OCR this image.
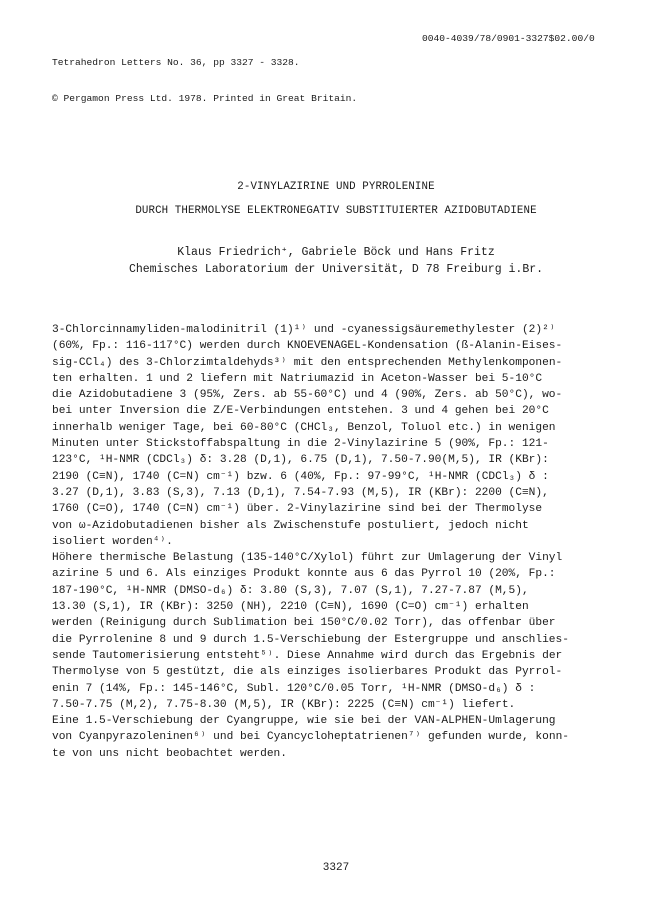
Tetrahedron Letters No. 36, pp 3327 - 3328.

© Pergamon Press Ltd. 1978. Printed in Great Britain.

0040-4039/78/0901-3327$02.00/0
2-VINYLAZIRINE UND PYRROLENINE
DURCH THERMOLYSE ELEKTRONEGATIV SUBSTITUIERTER AZIDOBUTADIENE
Klaus Friedrich⁺, Gabriele Böck und Hans Fritz
Chemisches Laboratorium der Universität, D 78 Freiburg i.Br.
3-Chlorcinnamyliden-malodinitril (1)¹⁾ und -cyanessigsäuremethylester (2)²⁾
(60%, Fp.: 116-117°C) werden durch KNOEVENAGEL-Kondensation (ß-Alanin-Eises-
sig-CCl₄) des 3-Chlorzimtaldehyds³⁾ mit den entsprechenden Methylenkomponen-
ten erhalten. 1 und 2 liefern mit Natriumazid in Aceton-Wasser bei 5-10°C
die Azidobutadiene 3 (95%, Zers. ab 55-60°C) und 4 (90%, Zers. ab 50°C), wo-
bei unter Inversion die Z/E-Verbindungen entstehen. 3 und 4 gehen bei 20°C
innerhalb weniger Tage, bei 60-80°C (CHCl₃, Benzol, Toluol etc.) in wenigen
Minuten unter Stickstoffabspaltung in die 2-Vinylazirine 5 (90%, Fp.: 121-
123°C, ¹H-NMR (CDCl₃) δ: 3.28 (D,1), 6.75 (D,1), 7.50-7.90(M,5), IR (KBr):
2190 (C≡N), 1740 (C=N) cm⁻¹) bzw. 6 (40%, Fp.: 97-99°C, ¹H-NMR (CDCl₃) δ :
3.27 (D,1), 3.83 (S,3), 7.13 (D,1), 7.54-7.93 (M,5), IR (KBr): 2200 (C≡N),
1760 (C=O), 1740 (C=N) cm⁻¹) über. 2-Vinylazirine sind bei der Thermolyse
von ω-Azidobutadienen bisher als Zwischenstufe postuliert, jedoch nicht
isoliert worden⁴⁾.
Höhere thermische Belastung (135-140°C/Xylol) führt zur Umlagerung der Vinyl
azirine 5 und 6. Als einziges Produkt konnte aus 6 das Pyrrol 10 (20%, Fp.:
187-190°C, ¹H-NMR (DMSO-d₆) δ: 3.80 (S,3), 7.07 (S,1), 7.27-7.87 (M,5),
13.30 (S,1), IR (KBr): 3250 (NH), 2210 (C≡N), 1690 (C=O) cm⁻¹) erhalten
werden (Reinigung durch Sublimation bei 150°C/0.02 Torr), das offenbar über
die Pyrrolenine 8 und 9 durch 1.5-Verschiebung der Estergruppe und anschlies-
sende Tautomerisierung entsteht⁵⁾. Diese Annahme wird durch das Ergebnis der
Thermolyse von 5 gestützt, die als einziges isolierbares Produkt das Pyrrol-
enin 7 (14%, Fp.: 145-146°C, Subl. 120°C/0.05 Torr, ¹H-NMR (DMSO-d₆) δ :
7.50-7.75 (M,2), 7.75-8.30 (M,5), IR (KBr): 2225 (C≡N) cm⁻¹) liefert.
Eine 1.5-Verschiebung der Cyangruppe, wie sie bei der VAN-ALPHEN-Umlagerung
von Cyanpyrazoleninen⁶⁾ und bei Cyancycloheptatrienen⁷⁾ gefunden wurde, konn-
te von uns nicht beobachtet werden.
3327
